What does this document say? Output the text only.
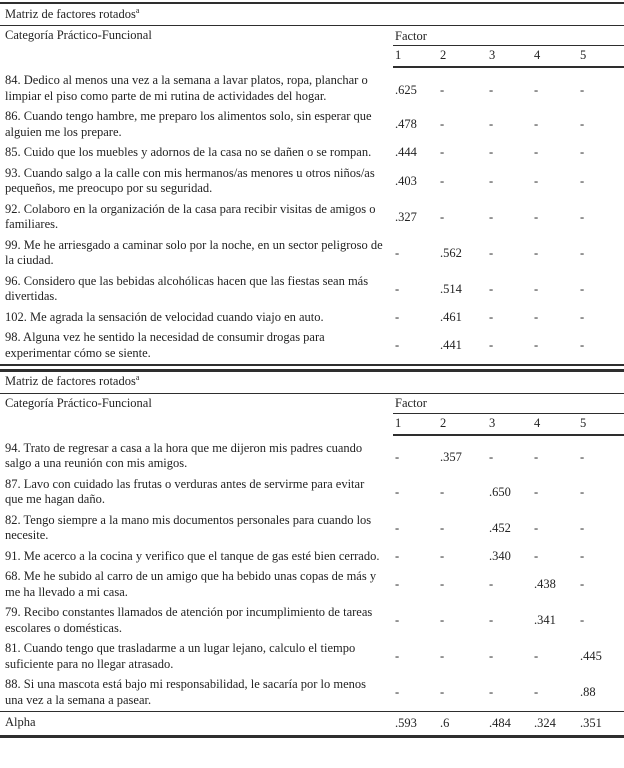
Matriz de factores rotados$^a$
Categoría Práctico-Funcional	Factor				
	1	2	3	4	5
84. Dedico al menos una vez a la semana a lavar platos, ropa, planchar o limpiar el piso como parte de mi rutina de actividades del hogar.	.625	-	-	-	-
86. Cuando tengo hambre, me preparo los alimentos solo, sin esperar que alguien me los prepare.	.478	-	-	-	-
85. Cuido que los muebles y adornos de la casa no se dañen o se rompan.	.444	-	-	-	-
93. Cuando salgo a la calle con mis hermanos/as menores u otros niños/as pequeños, me preocupo por su seguridad.	.403	-	-	-	-
92. Colaboro en la organización de la casa para recibir visitas de amigos o familiares.	.327	-	-	-	-
99. Me he arriesgado a caminar solo por la noche, en un sector peligroso de la ciudad.	-	.562	-	-	-
96. Considero que las bebidas alcohólicas hacen que las fiestas sean más divertidas.	-	.514	-	-	-
102. Me agrada la sensación de velocidad cuando viajo en auto.	-	.461	-	-	-
98. Alguna vez he sentido la necesidad de consumir drogas para experimentar cómo se siente.	-	.441	-	-	-
Matriz de factores rotados$^a$
Categoría Práctico-Funcional	Factor				
	1	2	3	4	5
94. Trato de regresar a casa a la hora que me dijeron mis padres cuando salgo a una reunión con mis amigos.	-	.357	-	-	-
87. Lavo con cuidado las frutas o verduras antes de servirme para evitar que me hagan daño.	-	-	.650	-	-
82. Tengo siempre a la mano mis documentos personales para cuando los necesite.	-	-	.452	-	-
91. Me acerco a la cocina y verifico que el tanque de gas esté bien cerrado.	-	-	.340	-	-
68. Me he subido al carro de un amigo que ha bebido unas copas de más y me ha llevado a mi casa.	-	-	-	.438	-
79. Recibo constantes llamados de atención por incumplimiento de tareas escolares o domésticas.	-	-	-	.341	-
81. Cuando tengo que trasladarme a un lugar lejano, calculo el tiempo suficiente para no llegar atrasado.	-	-	-	-	.445
88. Si una mascota está bajo mi responsabilidad, le sacaría por lo menos una vez a la semana a pasear.	-	-	-	-	.88
Alpha	.593	.6	.484	.324	.351
